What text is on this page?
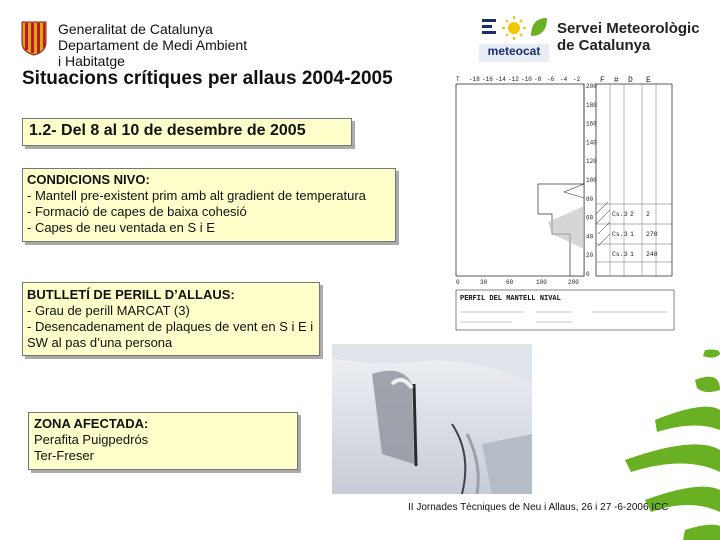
Generalitat de Catalunya
Departament de Medi Ambient
i Habitatge
Situacions crítiques per allaus 2004-2005
meteocat
Servei Meteorològic
de Catalunya
T -18 -16 -14 -12 -10 -8 -6 -4 -2 F # D E
200
180
160
140
120
100
80
60
40
20
0
Cs.3 2 2
Cs.3 1 270
Cs.3 1 240
0	30	60	100	200
PERFIL DEL MANTELL NIVAL
1.2- Del 8 al 10 de desembre de 2005
CONDICIONS NIVO:
- Mantell pre-existent prim amb alt gradient de temperatura
- Formació de capes de baixa cohesió
- Capes de neu ventada en S i E
BUTLLETÍ DE PERILL D’ALLAUS:
- Grau de perill MARCAT (3)
- Desencadenament de plaques de vent en S i E i SW al pas d’una persona
ZONA AFECTADA:
Perafita Puigpedrós
Ter-Freser
II Jornades Tècniques de Neu i Allaus, 26 i 27 -6-2006 ICC
